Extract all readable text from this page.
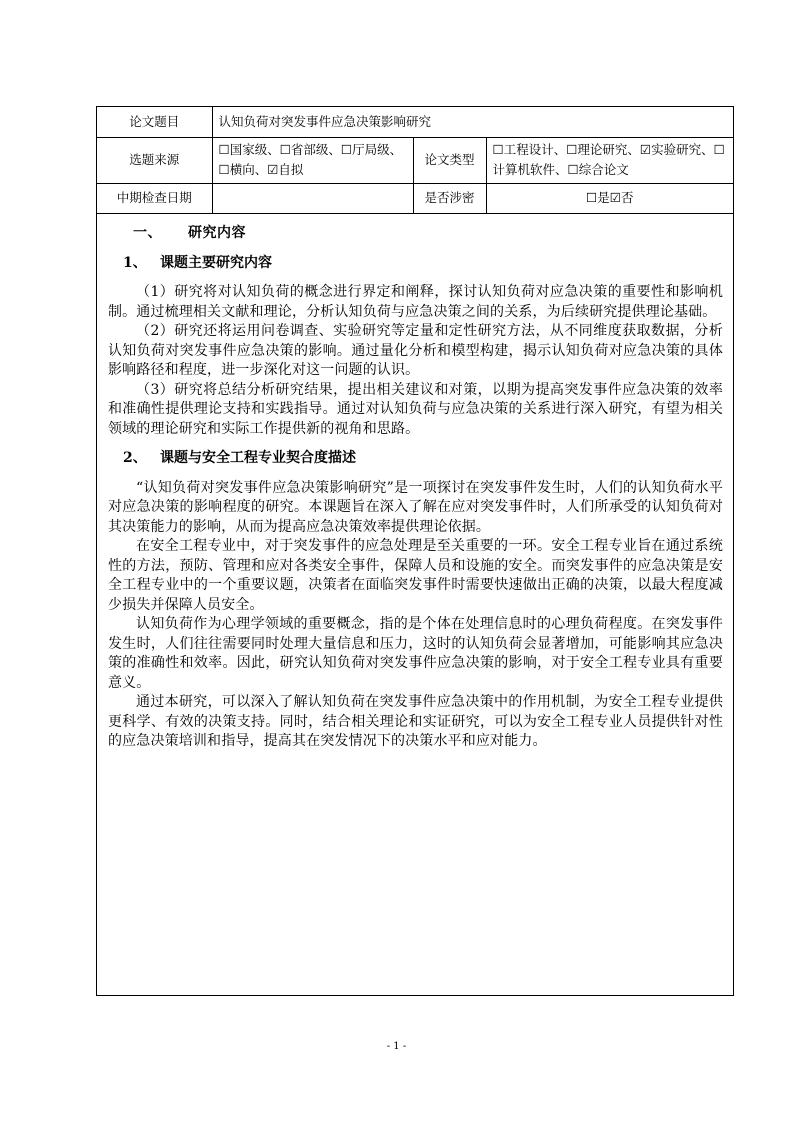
论文题目	认知负荷对突发事件应急决策影响研究		
选题来源	☐国家级、☐省部级、☐厅局级、☐横向、☑自拟	论文类型	☐工程设计、☐理论研究、☑实验研究、☐计算机软件、☐综合论文
中期检查日期		是否涉密	☐是☑否
一、 研究内容
1、 课题主要研究内容

（1）研究将对认知负荷的概念进行界定和阐释，探讨认知负荷对应急决策的重要性和影响机制。通过梳理相关文献和理论，分析认知负荷与应急决策之间的关系，为后续研究提供理论基础。

（2）研究还将运用问卷调查、实验研究等定量和定性研究方法，从不同维度获取数据，分析认知负荷对突发事件应急决策的影响。通过量化分析和模型构建，揭示认知负荷对应急决策的具体影响路径和程度，进一步深化对这一问题的认识。

（3）研究将总结分析研究结果，提出相关建议和对策，以期为提高突发事件应急决策的效率和准确性提供理论支持和实践指导。通过对认知负荷与应急决策的关系进行深入研究，有望为相关领域的理论研究和实际工作提供新的视角和思路。

2、 课题与安全工程专业契合度描述

“认知负荷对突发事件应急决策影响研究”是一项探讨在突发事件发生时，人们的认知负荷水平对应急决策的影响程度的研究。本课题旨在深入了解在应对突发事件时，人们所承受的认知负荷对其决策能力的影响，从而为提高应急决策效率提供理论依据。

在安全工程专业中，对于突发事件的应急处理是至关重要的一环。安全工程专业旨在通过系统性的方法，预防、管理和应对各类安全事件，保障人员和设施的安全。而突发事件的应急决策是安全工程专业中的一个重要议题，决策者在面临突发事件时需要快速做出正确的决策，以最大程度减少损失并保障人员安全。

认知负荷作为心理学领域的重要概念，指的是个体在处理信息时的心理负荷程度。在突发事件发生时，人们往往需要同时处理大量信息和压力，这时的认知负荷会显著增加，可能影响其应急决策的准确性和效率。因此，研究认知负荷对突发事件应急决策的影响，对于安全工程专业具有重要意义。

通过本研究，可以深入了解认知负荷在突发事件应急决策中的作用机制，为安全工程专业提供更科学、有效的决策支持。同时，结合相关理论和实证研究，可以为安全工程专业人员提供针对性的应急决策培训和指导，提高其在突发情况下的决策水平和应对能力。

- 1 -
